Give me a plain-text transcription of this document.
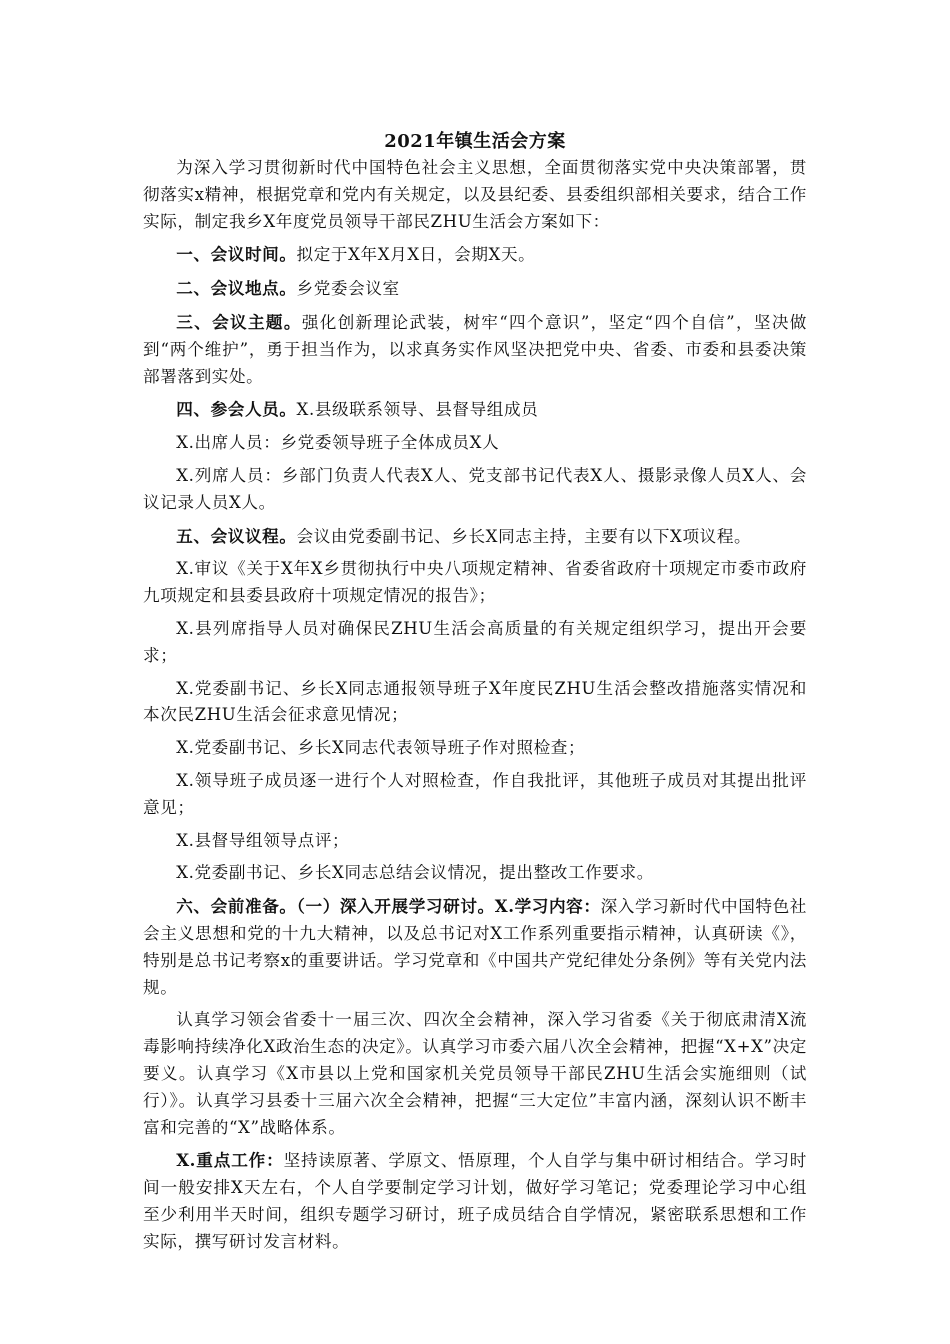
2021年镇生活会方案

为深入学习贯彻新时代中国特色社会主义思想，全面贯彻落实党中央决策部署，贯彻落实x精神，根据党章和党内有关规定，以及县纪委、县委组织部相关要求，结合工作实际，制定我乡X年度党员领导干部民ZHU生活会方案如下：

一、会议时间。拟定于X年X月X日，会期X天。

二、会议地点。乡党委会议室

三、会议主题。强化创新理论武装，树牢“四个意识”，坚定“四个自信”，坚决做到“两个维护”，勇于担当作为，以求真务实作风坚决把党中央、省委、市委和县委决策部署落到实处。

四、参会人员。X.县级联系领导、县督导组成员

X.出席人员：乡党委领导班子全体成员X人

X.列席人员：乡部门负责人代表X人、党支部书记代表X人、摄影录像人员X人、会议记录人员X人。

五、会议议程。会议由党委副书记、乡长X同志主持，主要有以下X项议程。

X.审议《关于X年X乡贯彻执行中央八项规定精神、省委省政府十项规定市委市政府九项规定和县委县政府十项规定情况的报告》；

X.县列席指导人员对确保民ZHU生活会高质量的有关规定组织学习，提出开会要求；

X.党委副书记、乡长X同志通报领导班子X年度民ZHU生活会整改措施落实情况和本次民ZHU生活会征求意见情况；

X.党委副书记、乡长X同志代表领导班子作对照检查；

X.领导班子成员逐一进行个人对照检查，作自我批评，其他班子成员对其提出批评意见；

X.县督导组领导点评；

X.党委副书记、乡长X同志总结会议情况，提出整改工作要求。

六、会前准备。（一）深入开展学习研讨。X.学习内容：深入学习新时代中国特色社会主义思想和党的十九大精神，以及总书记对X工作系列重要指示精神，认真研读《》，特别是总书记考察x的重要讲话。学习党章和《中国共产党纪律处分条例》等有关党内法规。

认真学习领会省委十一届三次、四次全会精神，深入学习省委《关于彻底肃清X流毒影响持续净化X政治生态的决定》。认真学习市委六届八次全会精神，把握“X+X”决定要义。认真学习《X市县以上党和国家机关党员领导干部民ZHU生活会实施细则（试行）》。认真学习县委十三届六次全会精神，把握“三大定位”丰富内涵，深刻认识不断丰富和完善的“X”战略体系。

X.重点工作：坚持读原著、学原文、悟原理，个人自学与集中研讨相结合。学习时间一般安排X天左右，个人自学要制定学习计划，做好学习笔记；党委理论学习中心组至少利用半天时间，组织专题学习研讨，班子成员结合自学情况，紧密联系思想和工作实际，撰写研讨发言材料。
